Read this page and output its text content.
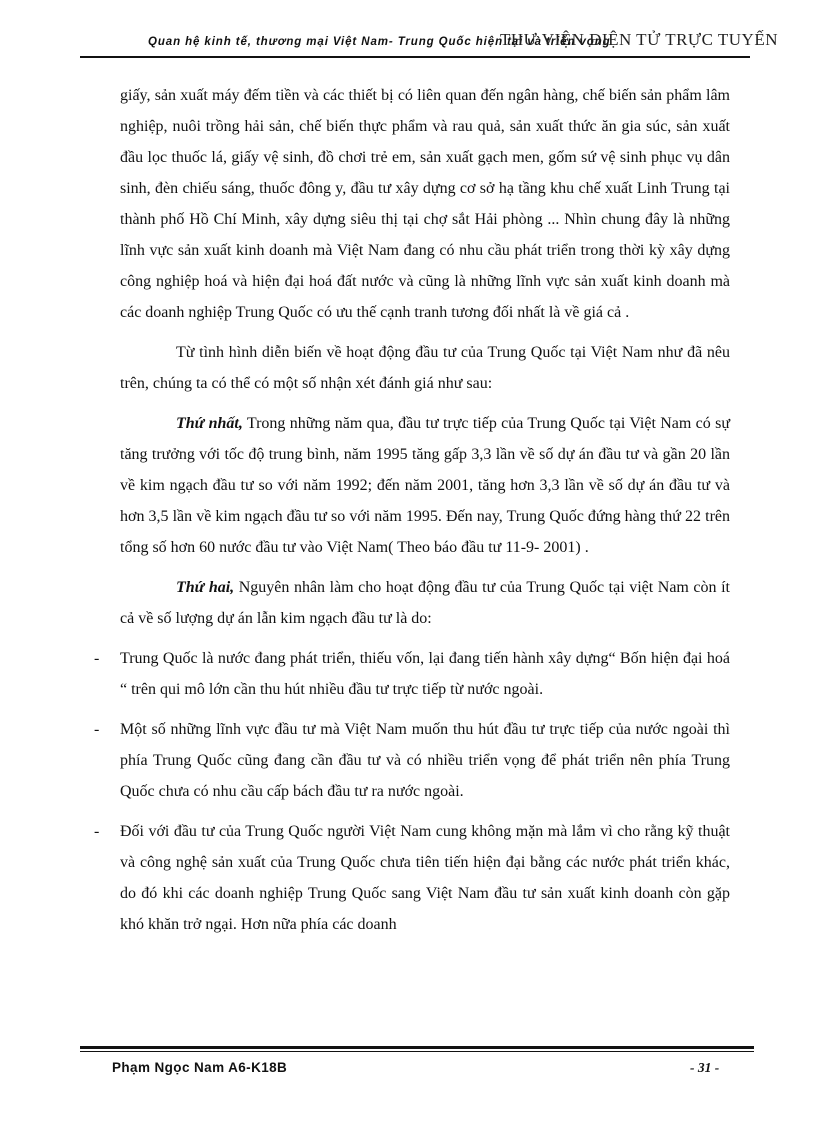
Quan hệ kinh tế, thương mại Việt Nam- Trung Quốc hiện tại và triển vọng
THƯ VIỆN ĐIỆN TỬ TRỰC TUYẾN

giấy, sản xuất máy đếm tiền và các thiết bị có liên quan đến ngân hàng, chế biến sản phẩm lâm nghiệp, nuôi trồng hải sản, chế biến thực phẩm và rau quả, sản xuất thức ăn gia súc, sản xuất đầu lọc thuốc lá, giấy vệ sinh, đồ chơi trẻ em, sản xuất gạch men, gốm sứ vệ sinh phục vụ dân sinh, đèn chiếu sáng, thuốc đông y, đầu tư xây dựng cơ sở hạ tầng khu chế xuất Linh Trung tại thành phố Hồ Chí Minh, xây dựng siêu thị tại chợ sắt Hải phòng ... Nhìn chung đây là những lĩnh vực sản xuất kinh doanh mà Việt Nam đang có nhu cầu phát triển trong thời kỳ xây dựng công nghiệp hoá và hiện đại hoá đất nước và cũng là những lĩnh vực sản xuất kinh doanh mà các doanh nghiệp Trung Quốc có ưu thế cạnh tranh tương đối nhất là về giá cả .

Từ tình hình diễn biến về hoạt động đầu tư của Trung Quốc tại Việt Nam như đã nêu trên, chúng ta có thể có một số nhận xét đánh giá như sau:

Thứ nhất, Trong những năm qua, đầu tư trực tiếp của Trung Quốc tại Việt Nam có sự tăng trưởng với tốc độ trung bình, năm 1995 tăng gấp 3,3 lần về số dự án đầu tư và gần 20 lần về kim ngạch đầu tư so với năm 1992; đến năm 2001, tăng hơn 3,3 lần về số dự án đầu tư và hơn 3,5 lần về kim ngạch đầu tư so với năm 1995. Đến nay, Trung Quốc đứng hàng thứ 22 trên tổng số hơn 60 nước đầu tư vào Việt Nam( Theo báo đầu tư 11-9- 2001) .

Thứ hai, Nguyên nhân làm cho hoạt động đầu tư của Trung Quốc tại việt Nam còn ít cả về số lượng dự án lẫn kim ngạch đầu tư là do:

- Trung Quốc là nước đang phát triển, thiếu vốn, lại đang tiến hành xây dựng“ Bốn hiện đại hoá “ trên qui mô lớn cần thu hút nhiều đầu tư trực tiếp từ nước ngoài.

- Một số những lĩnh vực đầu tư mà Việt Nam muốn thu hút đầu tư trực tiếp của nước ngoài thì phía Trung Quốc cũng đang cần đầu tư và có nhiều triển vọng để phát triển nên phía Trung Quốc chưa có nhu cầu cấp bách đầu tư ra nước ngoài.

- Đối với đầu tư của Trung Quốc người Việt Nam cung không mặn mà lắm vì cho rằng kỹ thuật và công nghệ sản xuất của Trung Quốc chưa tiên tiến hiện đại bằng các nước phát triển khác, do đó khi các doanh nghiệp Trung Quốc sang Việt Nam đầu tư sản xuất kinh doanh còn gặp khó khăn trở ngại. Hơn nữa phía các doanh

Phạm Ngọc Nam A6-K18B	- 31 -
